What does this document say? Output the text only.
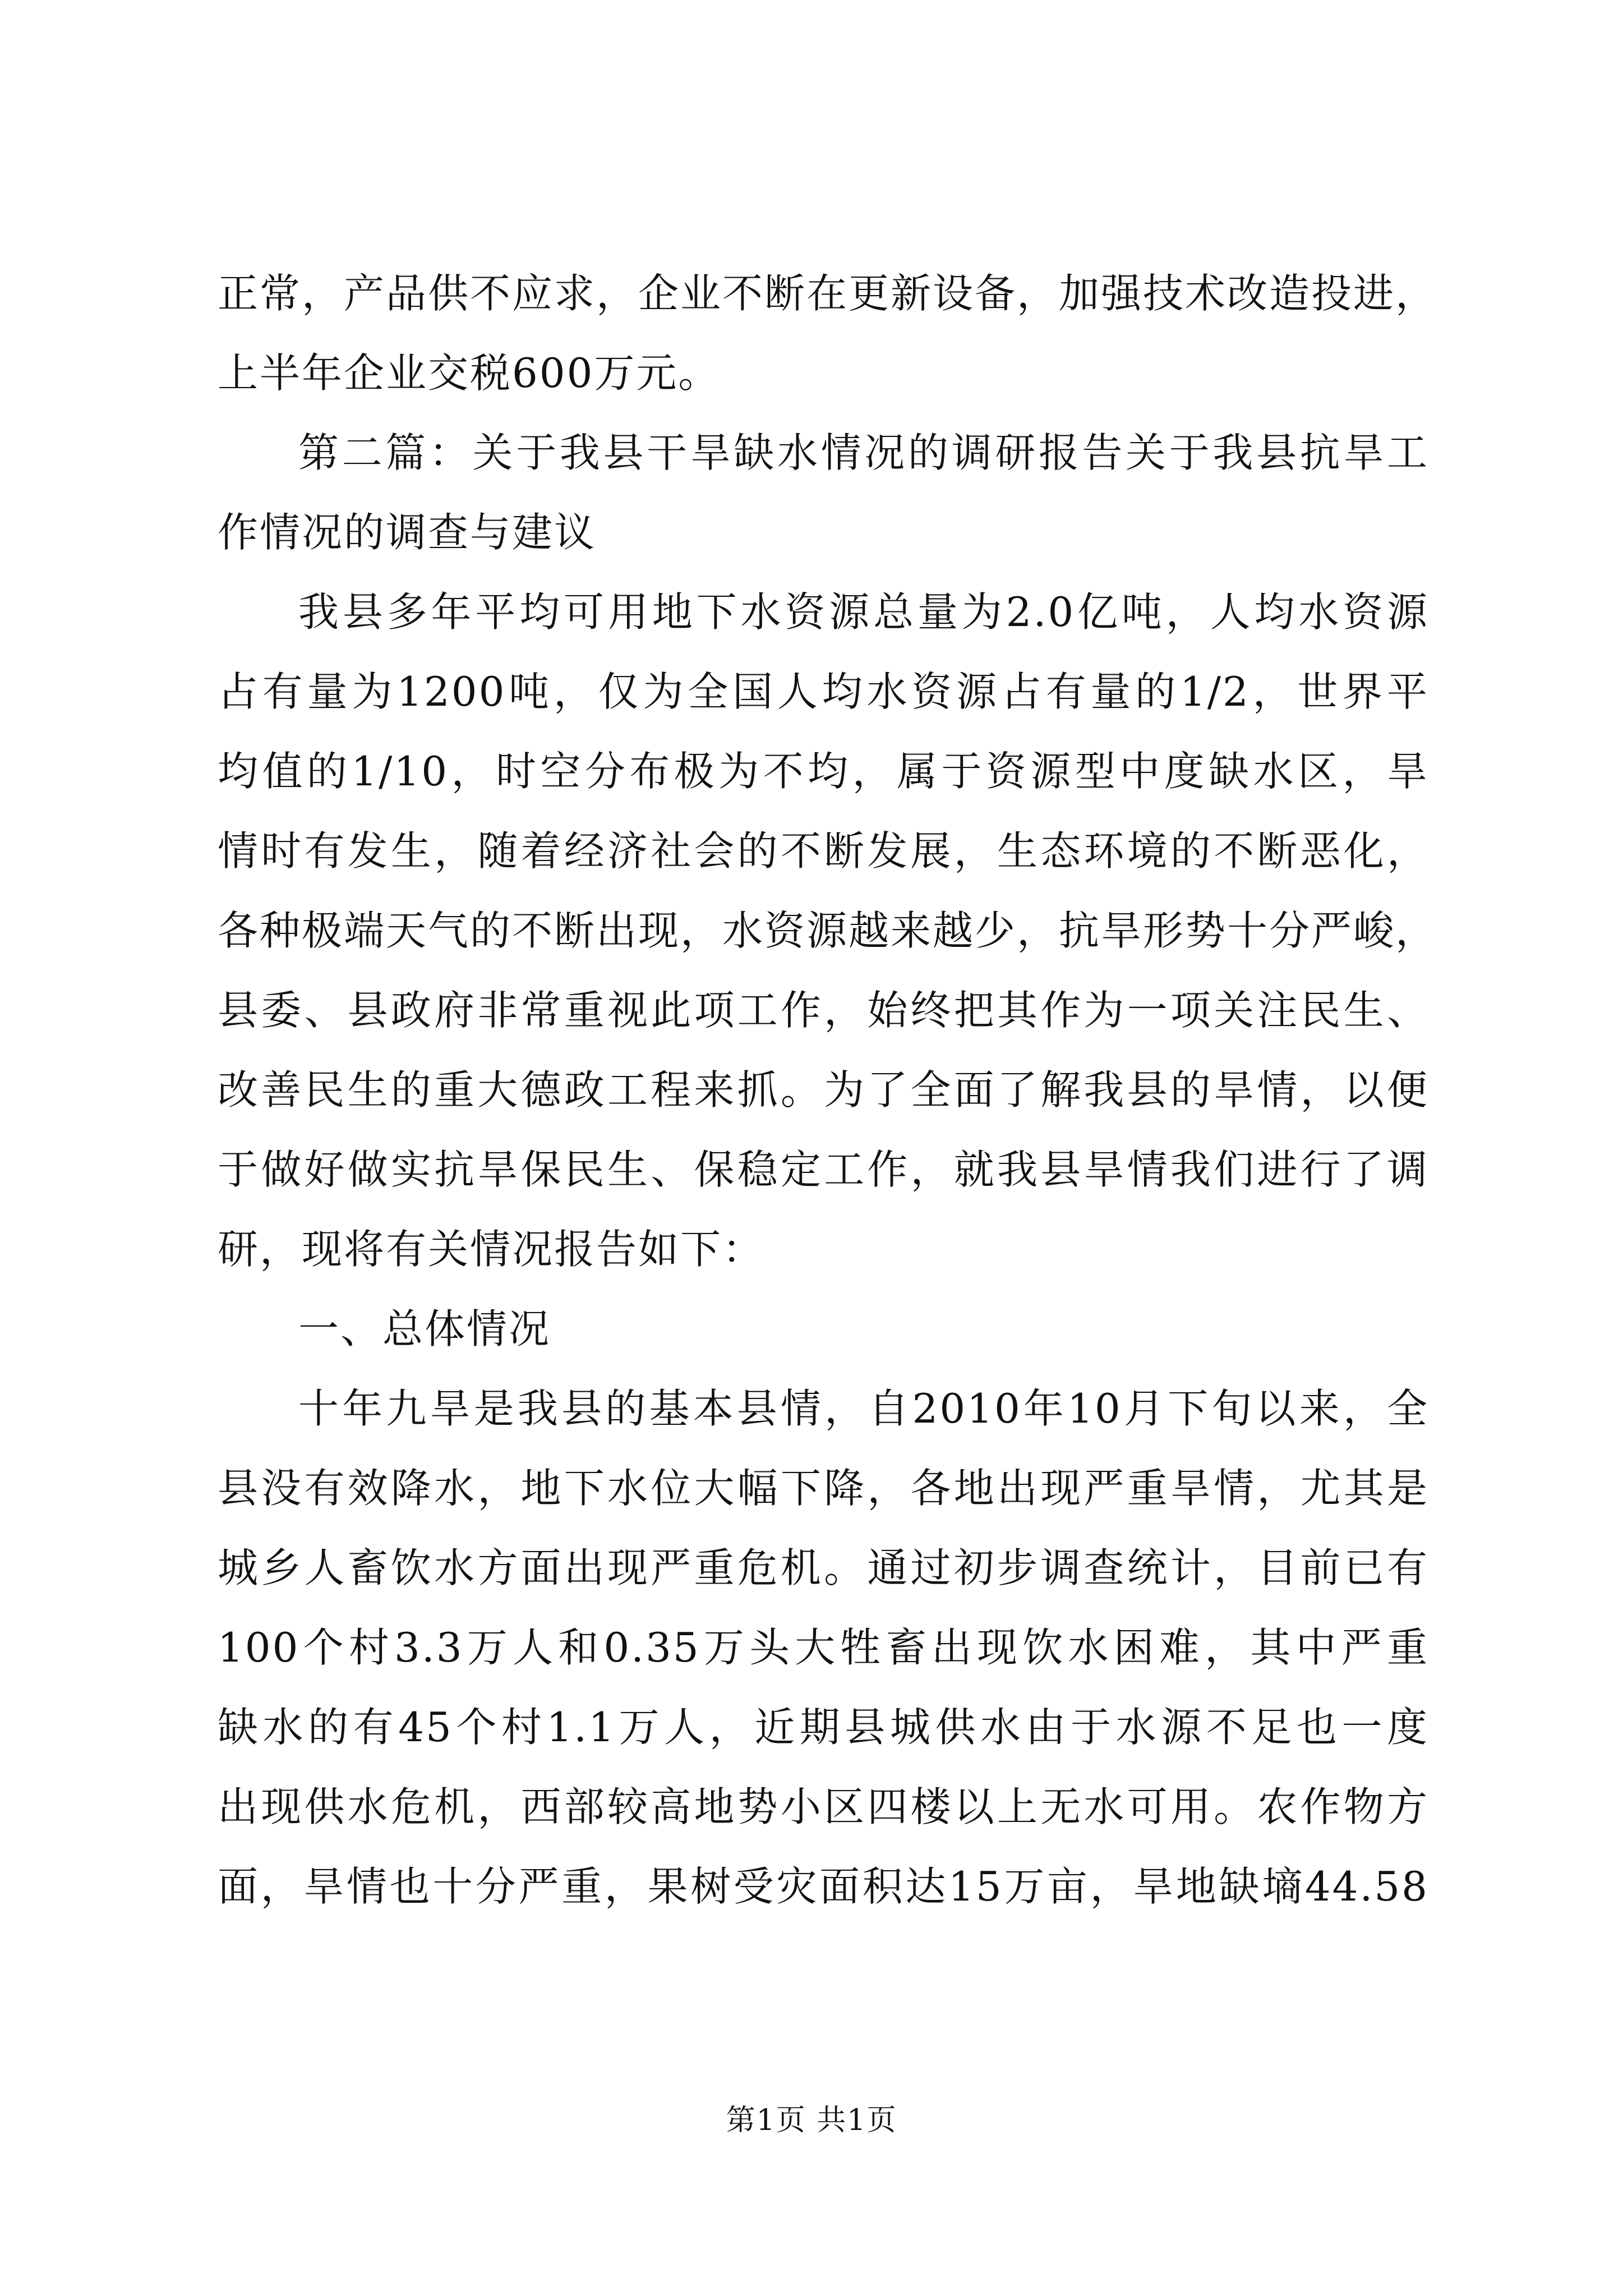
正常，产品供不应求，企业不断在更新设备，加强技术改造投进，
上半年企业交税600万元。
第二篇：关于我县干旱缺水情况的调研报告关于我县抗旱工
作情况的调查与建议
我县多年平均可用地下水资源总量为2.0亿吨，人均水资源
占有量为1200吨，仅为全国人均水资源占有量的1/2，世界平
均值的1/10，时空分布极为不均，属于资源型中度缺水区，旱
情时有发生，随着经济社会的不断发展，生态环境的不断恶化，
各种极端天气的不断出现，水资源越来越少，抗旱形势十分严峻，
县委、县政府非常重视此项工作，始终把其作为一项关注民生、
改善民生的重大德政工程来抓。为了全面了解我县的旱情，以便
于做好做实抗旱保民生、保稳定工作，就我县旱情我们进行了调
研，现将有关情况报告如下：
一、总体情况
十年九旱是我县的基本县情，自2010年10月下旬以来，全
县没有效降水，地下水位大幅下降，各地出现严重旱情，尤其是
城乡人畜饮水方面出现严重危机。通过初步调查统计，目前已有
100个村3.3万人和0.35万头大牲畜出现饮水困难，其中严重
缺水的有45个村1.1万人，近期县城供水由于水源不足也一度
出现供水危机，西部较高地势小区四楼以上无水可用。农作物方
面，旱情也十分严重，果树受灾面积达15万亩，旱地缺墒44.58
第1页 共1页
